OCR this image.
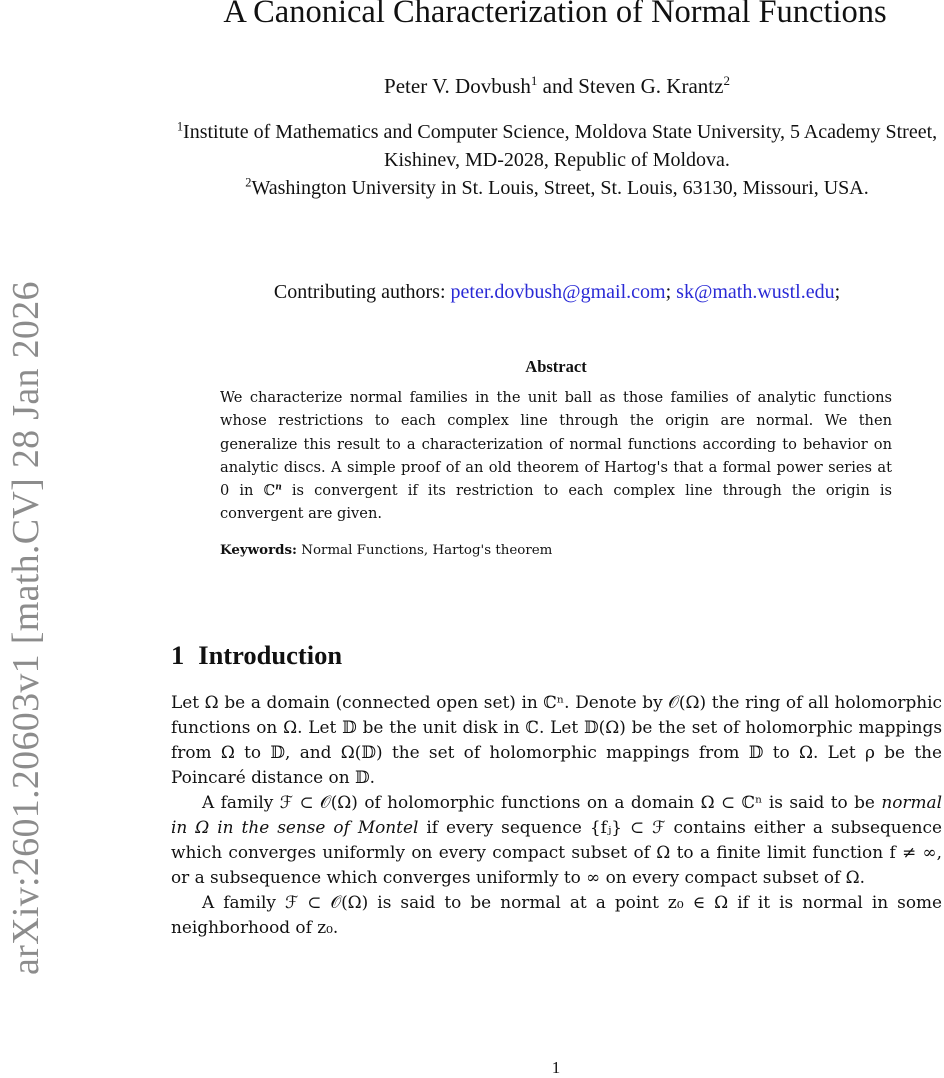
arXiv:2601.20603v1 [math.CV] 28 Jan 2026
A Canonical Characterization of Normal Functions
Peter V. Dovbush$^1$ and Steven G. Krantz$^2$

$^1$Institute of Mathematics and Computer Science, Moldova State University, 5 Academy Street, Kishinev, MD-2028, Republic of Moldova.

$^2$Washington University in St. Louis, Street, St. Louis, 63130, Missouri, USA.

Contributing authors: peter.dovbush@gmail.com; sk@math.wustl.edu;
Abstract
We characterize normal families in the unit ball as those families of analytic functions whose restrictions to each complex line through the origin are normal. We then generalize this result to a characterization of normal functions according to behavior on analytic discs. A simple proof of an old theorem of Hartog's that a formal power series at 0 in ℂ$^n$ is convergent if its restriction to each complex line through the origin is convergent are given.
Keywords: Normal Functions, Hartog's theorem
1 Introduction

Let Ω be a domain (connected open set) in ℂⁿ. Denote by 𝒪(Ω) the ring of all holomorphic functions on Ω. Let 𝔻 be the unit disk in ℂ. Let 𝔻(Ω) be the set of holomorphic mappings from Ω to 𝔻, and Ω(𝔻) the set of holomorphic mappings from 𝔻 to Ω. Let ρ be the Poincaré distance on 𝔻.

A family ℱ ⊂ 𝒪(Ω) of holomorphic functions on a domain Ω ⊂ ℂⁿ is said to be normal in Ω in the sense of Montel if every sequence {fⱼ} ⊂ ℱ contains either a subsequence which converges uniformly on every compact subset of Ω to a finite limit function f ≠ ∞, or a subsequence which converges uniformly to ∞ on every compact subset of Ω.

A family ℱ ⊂ 𝒪(Ω) is said to be normal at a point z₀ ∈ Ω if it is normal in some neighborhood of z₀.

1
